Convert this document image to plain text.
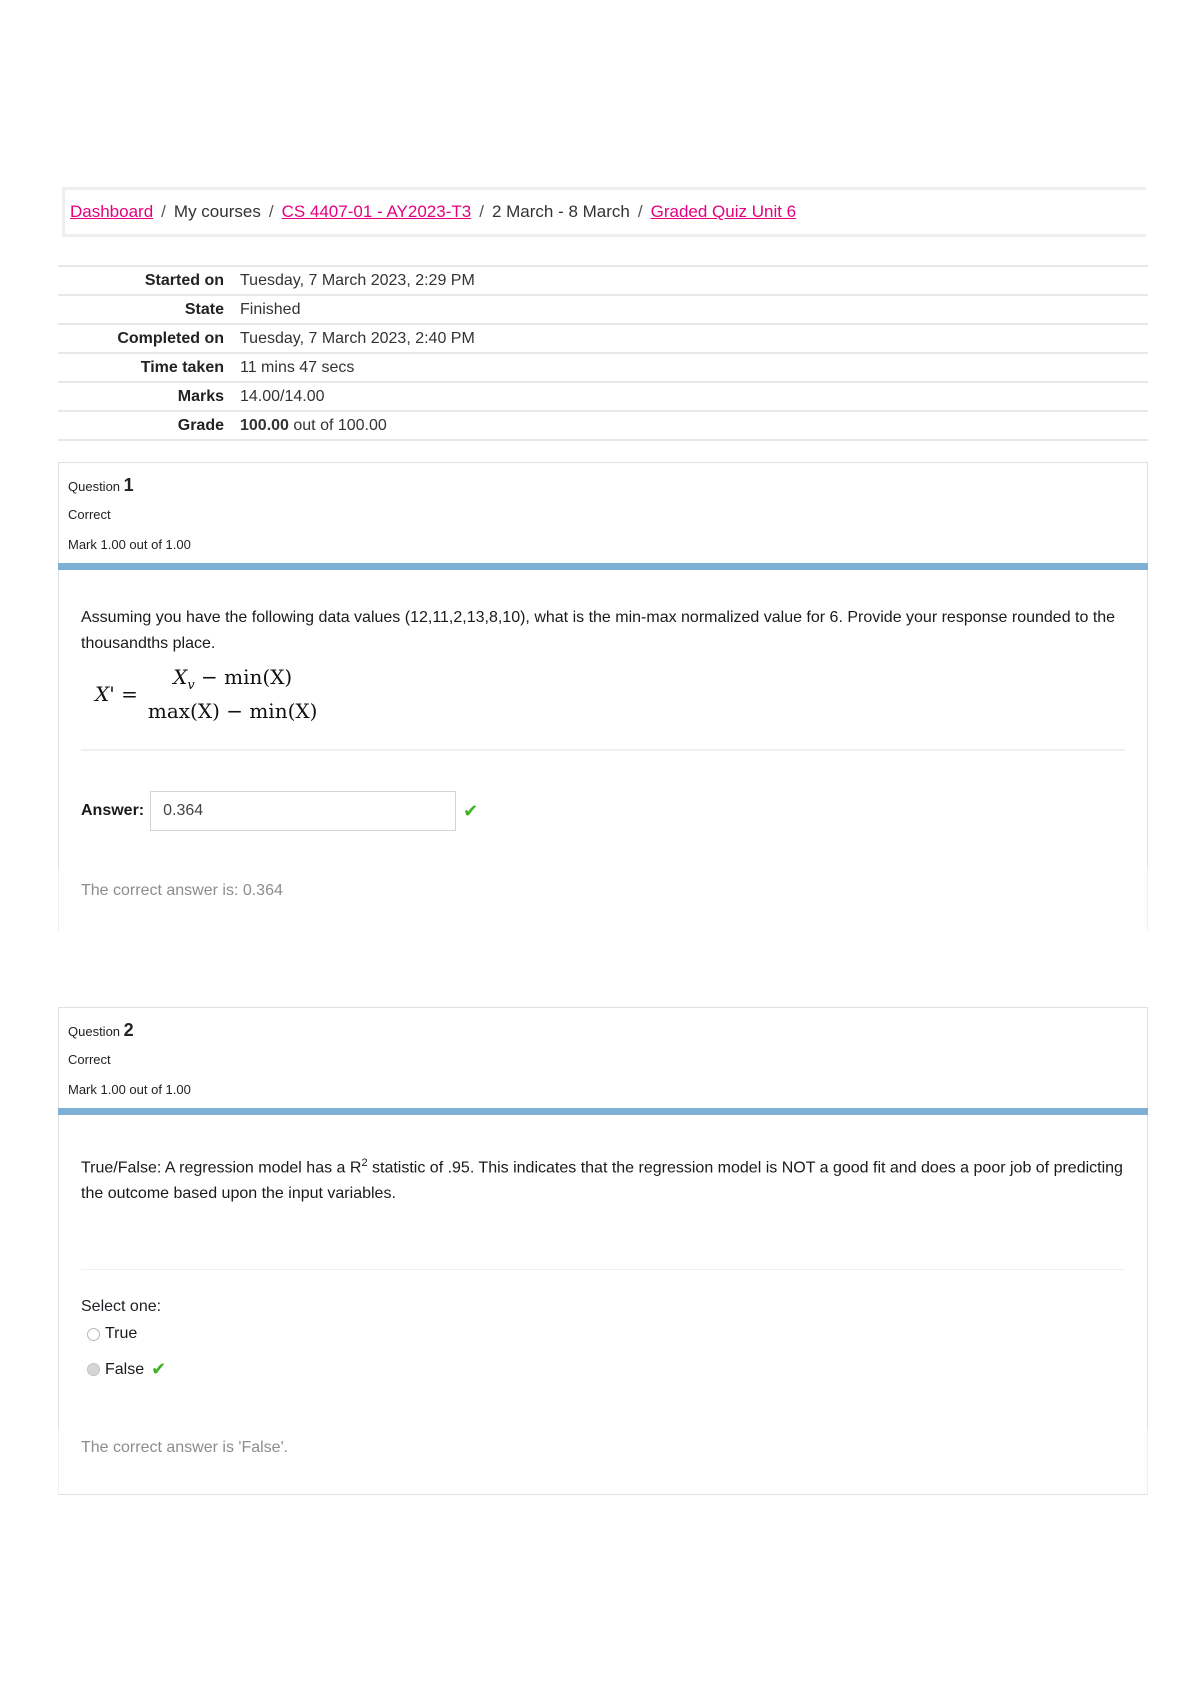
Dashboard / My courses / CS 4407-01 - AY2023-T3 / 2 March - 8 March / Graded Quiz Unit 6
Started on	Tuesday, 7 March 2023, 2:29 PM
State	Finished
Completed on	Tuesday, 7 March 2023, 2:40 PM
Time taken	11 mins 47 secs
Marks	14.00/14.00
Grade	100.00 out of 100.00
Question 1
Correct
Mark 1.00 out of 1.00
Assuming you have the following data values (12,11,2,13,8,10), what is the min-max normalized value for 6. Provide your response rounded to the thousandths place.
X' =
$X_v - \min(X)$
max(X) − min(X)
Answer: 0.364	✔
The correct answer is: 0.364
Question 2
Correct
Mark 1.00 out of 1.00
True/False: A regression model has a $R^2$ statistic of .95. This indicates that the regression model is NOT a good fit and does a poor job of predicting the outcome based upon the input variables.
Select one:
True
False ✔
The correct answer is 'False'.
